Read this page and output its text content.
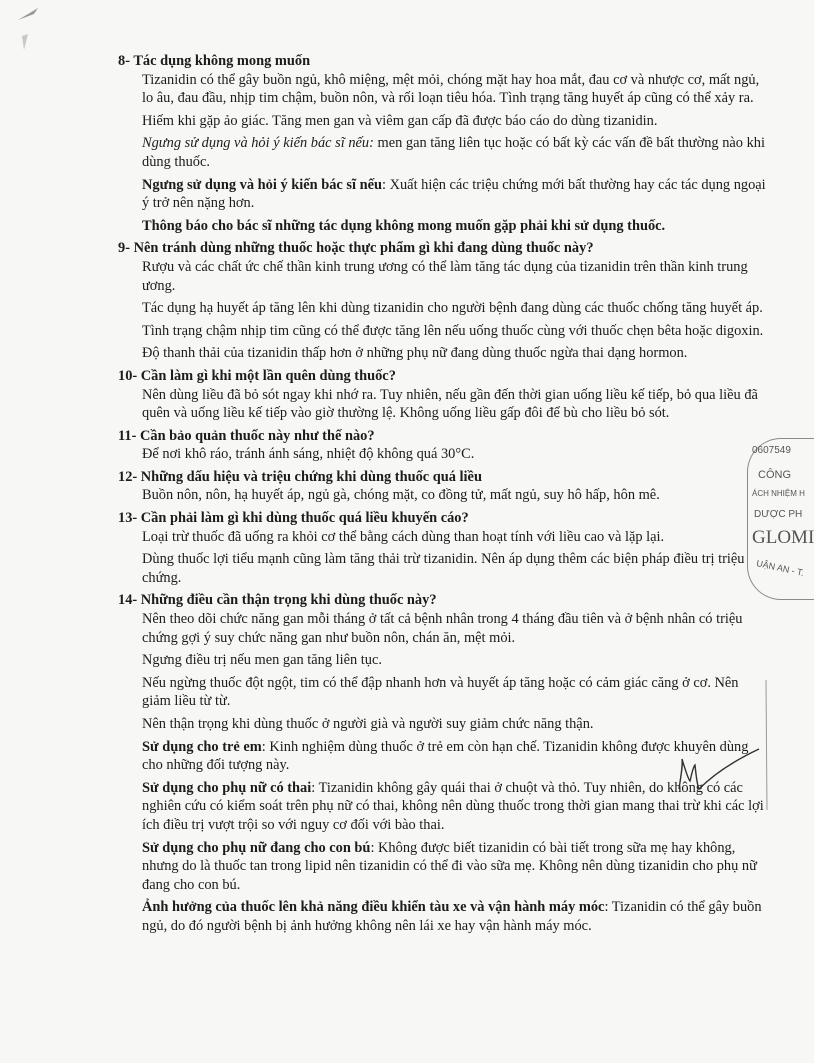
8- Tác dụng không mong muốn

Tizanidin có thể gây buồn ngủ, khô miệng, mệt mỏi, chóng mặt hay hoa mắt, đau cơ và nhược cơ, mất ngủ, lo âu, đau đầu, nhịp tim chậm, buồn nôn, và rối loạn tiêu hóa. Tình trạng tăng huyết áp cũng có thể xảy ra.

Hiếm khi gặp ảo giác. Tăng men gan và viêm gan cấp đã được báo cáo do dùng tizanidin.

Ngưng sử dụng và hỏi ý kiến bác sĩ nếu: men gan tăng liên tục hoặc có bất kỳ các vấn đề bất thường nào khi dùng thuốc.

Ngưng sử dụng và hỏi ý kiến bác sĩ nếu: Xuất hiện các triệu chứng mới bất thường hay các tác dụng ngoại ý trở nên nặng hơn.

Thông báo cho bác sĩ những tác dụng không mong muốn gặp phải khi sử dụng thuốc.

9- Nên tránh dùng những thuốc hoặc thực phẩm gì khi đang dùng thuốc này?

Rượu và các chất ức chế thần kinh trung ương có thể làm tăng tác dụng của tizanidin trên thần kinh trung ương.

Tác dụng hạ huyết áp tăng lên khi dùng tizanidin cho người bệnh đang dùng các thuốc chống tăng huyết áp.

Tình trạng chậm nhịp tim cũng có thể được tăng lên nếu uống thuốc cùng với thuốc chẹn bêta hoặc digoxin.

Độ thanh thải của tizanidin thấp hơn ở những phụ nữ đang dùng thuốc ngừa thai dạng hormon.

10- Cần làm gì khi một lần quên dùng thuốc?

Nên dùng liều đã bỏ sót ngay khi nhớ ra. Tuy nhiên, nếu gần đến thời gian uống liều kế tiếp, bỏ qua liều đã quên và uống liều kế tiếp vào giờ thường lệ. Không uống liều gấp đôi để bù cho liều bỏ sót.

11- Cần bảo quản thuốc này như thế nào?

Để nơi khô ráo, tránh ánh sáng, nhiệt độ không quá 30°C.

12- Những dấu hiệu và triệu chứng khi dùng thuốc quá liều

Buồn nôn, nôn, hạ huyết áp, ngủ gà, chóng mặt, co đồng tử, mất ngủ, suy hô hấp, hôn mê.

13- Cần phải làm gì khi dùng thuốc quá liều khuyến cáo?

Loại trừ thuốc đã uống ra khỏi cơ thể bằng cách dùng than hoạt tính với liều cao và lặp lại.

Dùng thuốc lợi tiểu mạnh cũng làm tăng thải trừ tizanidin. Nên áp dụng thêm các biện pháp điều trị triệu chứng.

14- Những điều cần thận trọng khi dùng thuốc này?

Nên theo dõi chức năng gan mỗi tháng ở tất cả bệnh nhân trong 4 tháng đầu tiên và ở bệnh nhân có triệu chứng gợi ý suy chức năng gan như buồn nôn, chán ăn, mệt mỏi.

Ngưng điều trị nếu men gan tăng liên tục.

Nếu ngừng thuốc đột ngột, tim có thể đập nhanh hơn và huyết áp tăng hoặc có cảm giác căng ở cơ. Nên giảm liều từ từ.

Nên thận trọng khi dùng thuốc ở người già và người suy giảm chức năng thận.

Sử dụng cho trẻ em: Kinh nghiệm dùng thuốc ở trẻ em còn hạn chế. Tizanidin không được khuyên dùng cho những đối tượng này.

Sử dụng cho phụ nữ có thai: Tizanidin không gây quái thai ở chuột và thỏ. Tuy nhiên, do không có các nghiên cứu có kiểm soát trên phụ nữ có thai, không nên dùng thuốc trong thời gian mang thai trừ khi các lợi ích điều trị vượt trội so với nguy cơ đối với bào thai.

Sử dụng cho phụ nữ đang cho con bú: Không được biết tizanidin có bài tiết trong sữa mẹ hay không, nhưng do là thuốc tan trong lipid nên tizanidin có thể đi vào sữa mẹ. Không nên dùng tizanidin cho phụ nữ đang cho con bú.

Ảnh hưởng của thuốc lên khả năng điều khiển tàu xe và vận hành máy móc: Tizanidin có thể gây buồn ngủ, do đó người bệnh bị ảnh hưởng không nên lái xe hay vận hành máy móc.

0607549
CÔNG
ÁCH NHIỆM H
DƯỢC PH
GLOMI
UẬN AN - T.
